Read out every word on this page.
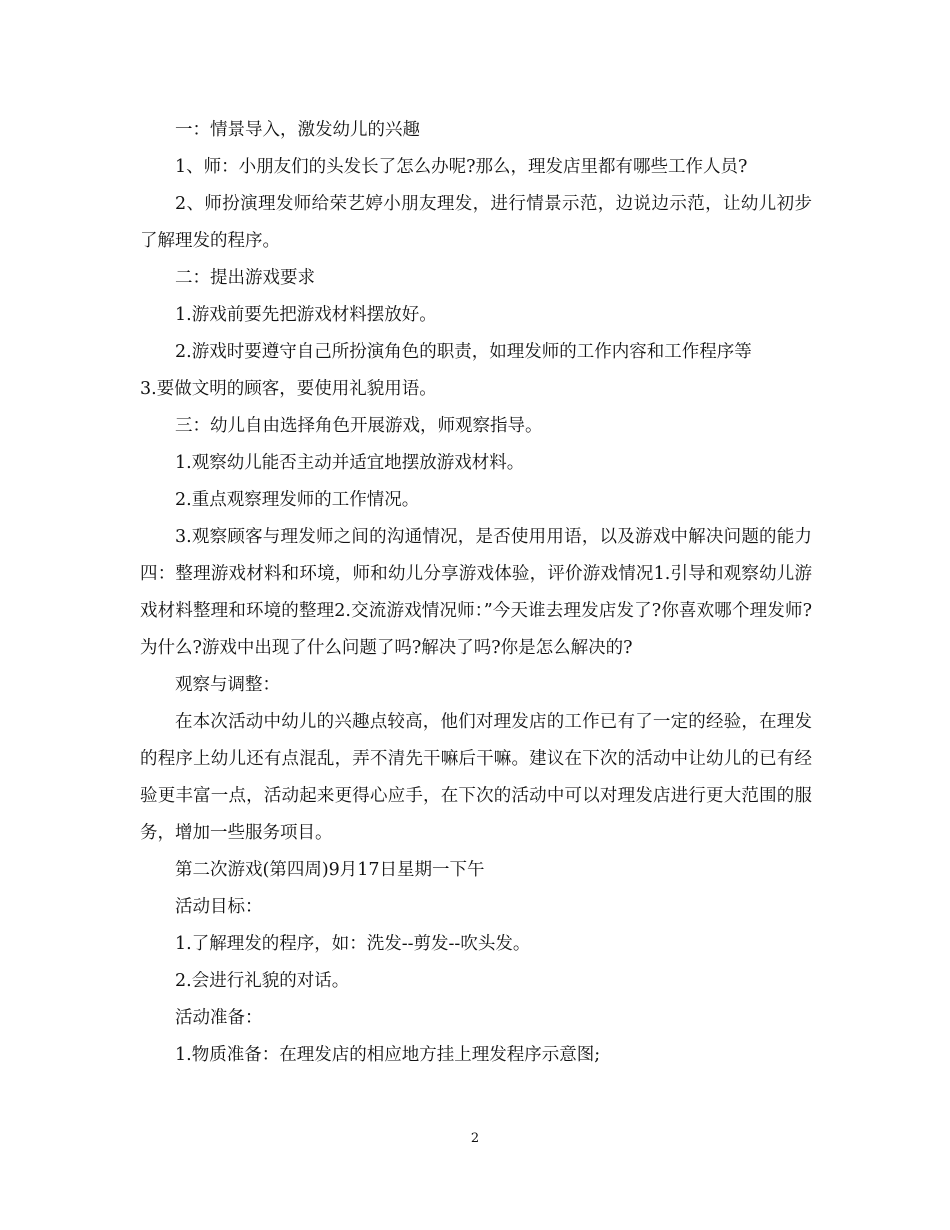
一：情景导入，激发幼儿的兴趣

1、师：小朋友们的头发长了怎么办呢?那么，理发店里都有哪些工作人员?

2、师扮演理发师给荣艺婷小朋友理发，进行情景示范，边说边示范，让幼儿初步了解理发的程序。

二：提出游戏要求

1.游戏前要先把游戏材料摆放好。

2.游戏时要遵守自己所扮演角色的职责，如理发师的工作内容和工作程序等

3.要做文明的顾客，要使用礼貌用语。

三：幼儿自由选择角色开展游戏，师观察指导。

1.观察幼儿能否主动并适宜地摆放游戏材料。

2.重点观察理发师的工作情况。

3.观察顾客与理发师之间的沟通情况，是否使用用语，以及游戏中解决问题的能力四：整理游戏材料和环境，师和幼儿分享游戏体验，评价游戏情况1.引导和观察幼儿游戏材料整理和环境的整理2.交流游戏情况师：”今天谁去理发店发了?你喜欢哪个理发师?为什么?游戏中出现了什么问题了吗?解决了吗?你是怎么解决的?

观察与调整：

在本次活动中幼儿的兴趣点较高，他们对理发店的工作已有了一定的经验，在理发的程序上幼儿还有点混乱，弄不清先干嘛后干嘛。建议在下次的活动中让幼儿的已有经验更丰富一点，活动起来更得心应手，在下次的活动中可以对理发店进行更大范围的服务，增加一些服务项目。

第二次游戏(第四周)9月17日星期一下午

活动目标：

1.了解理发的程序，如：洗发--剪发--吹头发。

2.会进行礼貌的对话。

活动准备：

1.物质准备：在理发店的相应地方挂上理发程序示意图;

2
